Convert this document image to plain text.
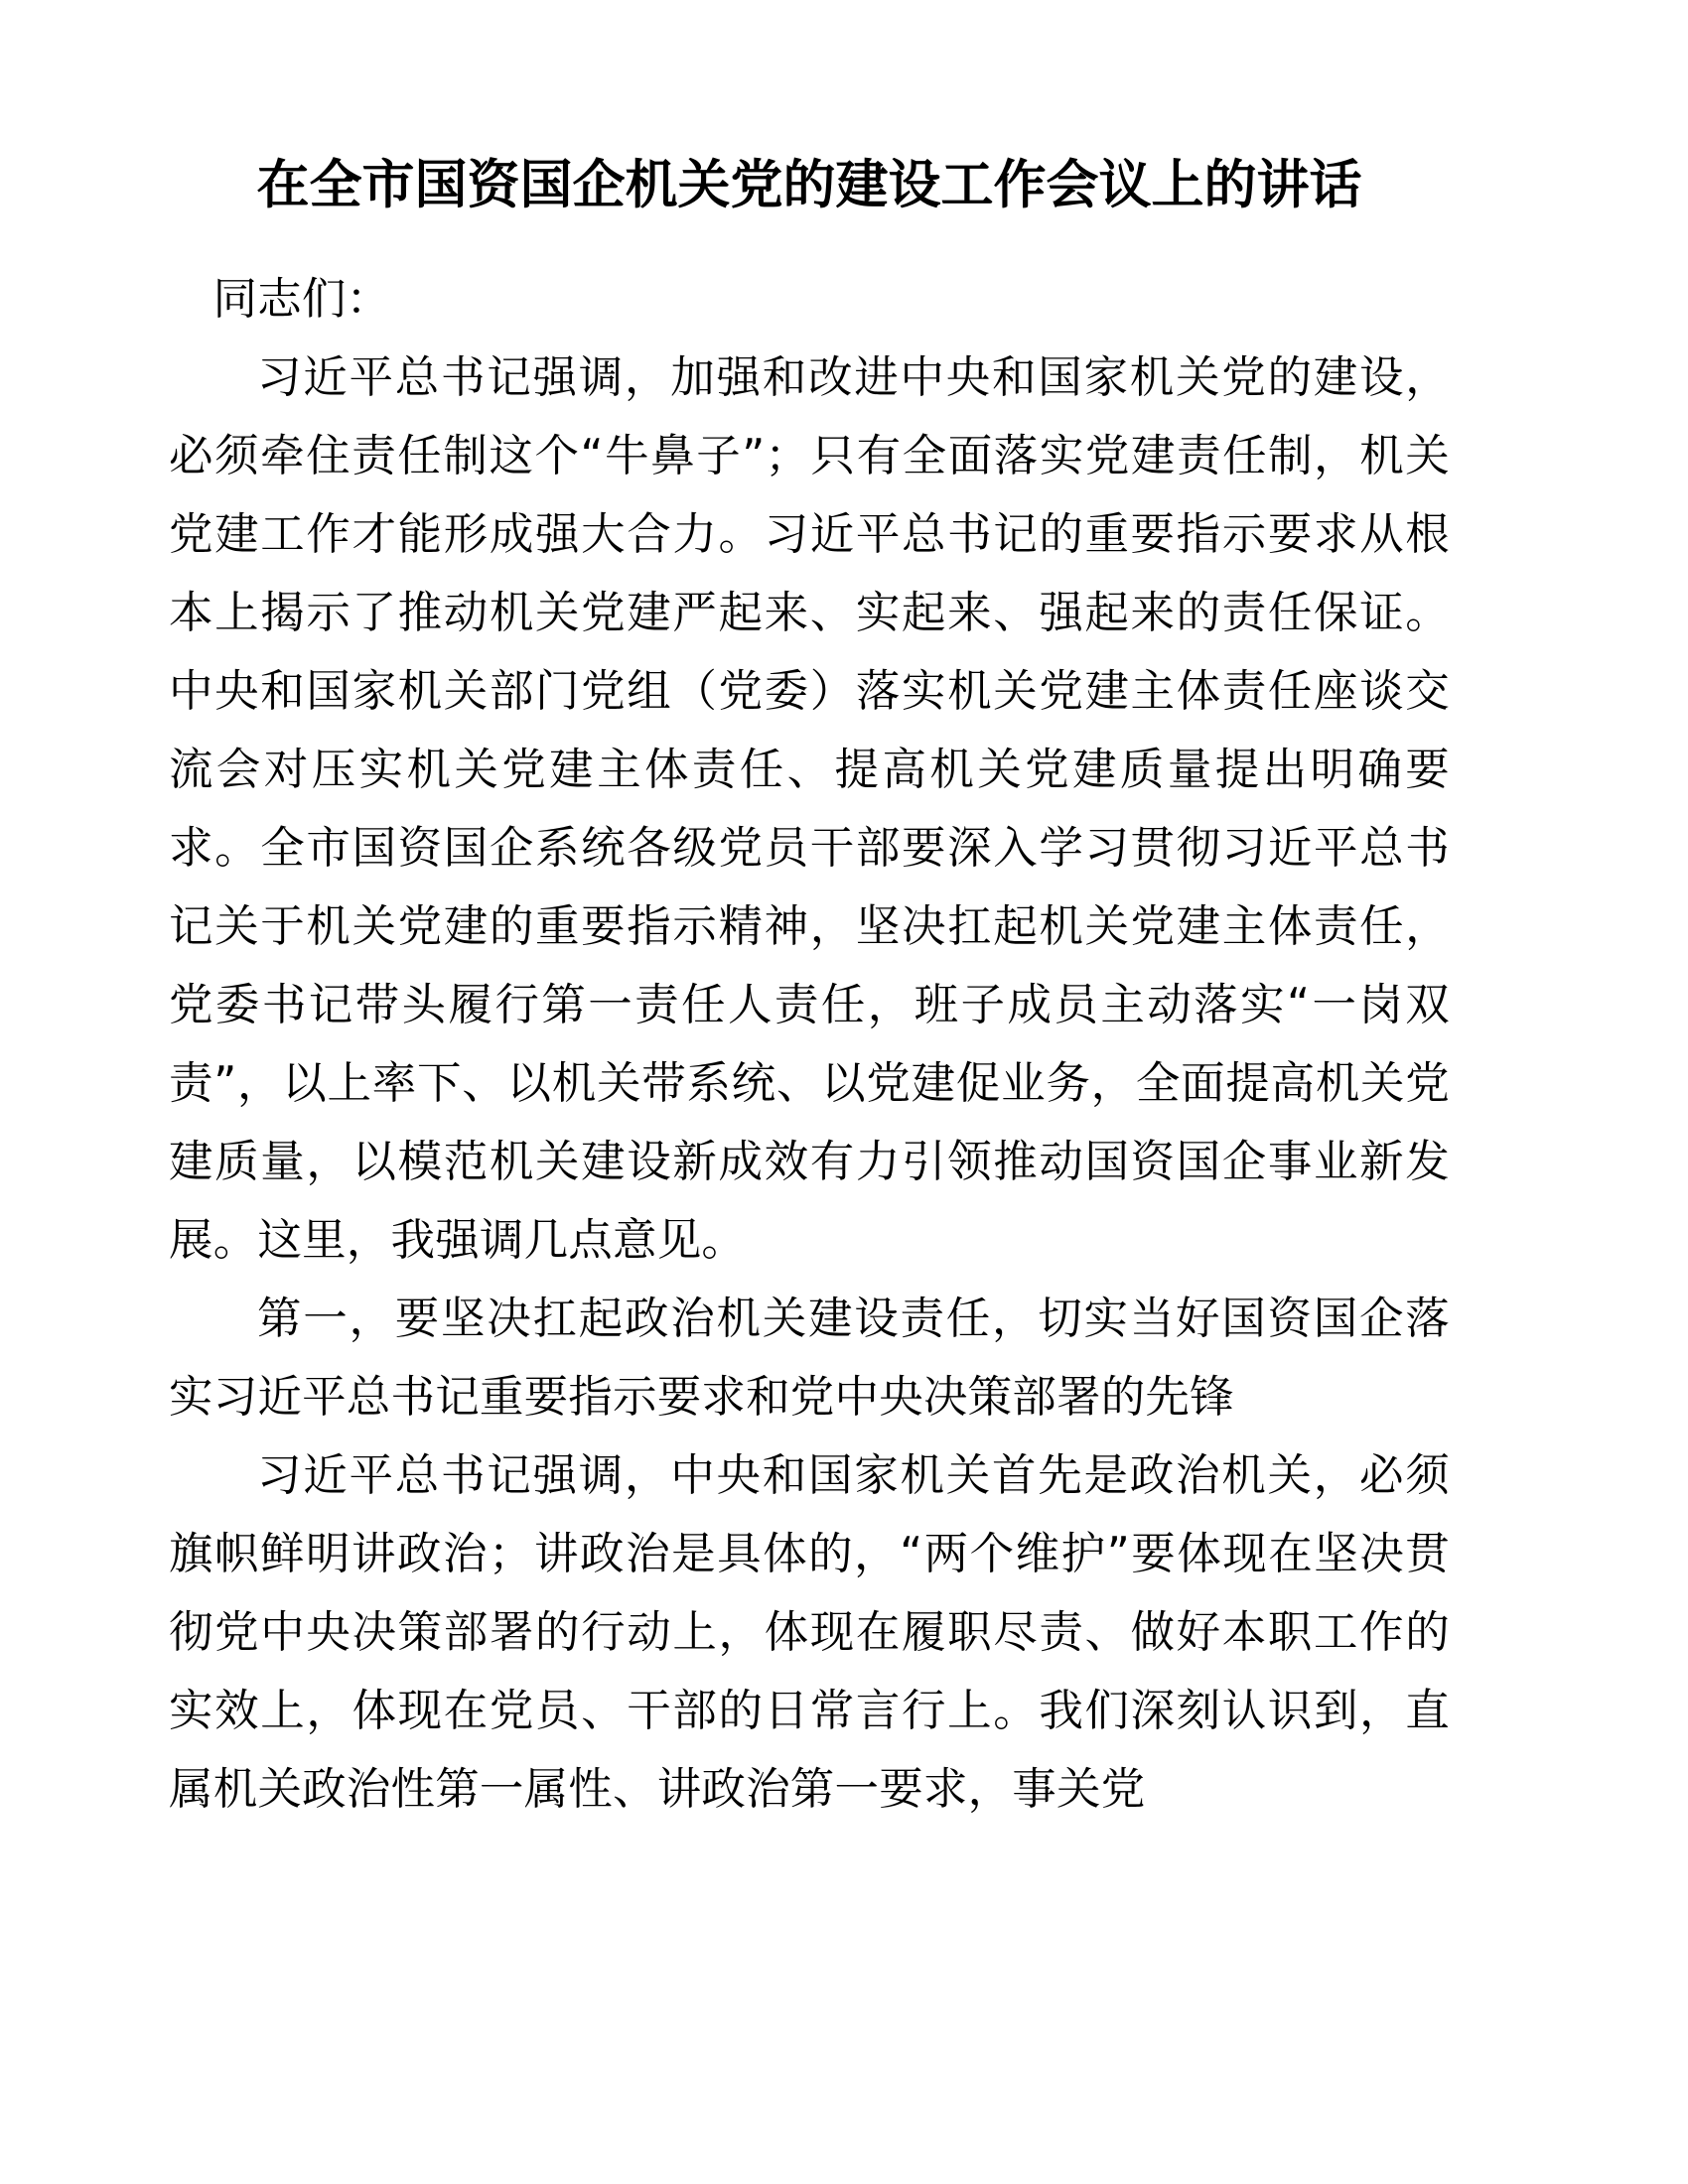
在全市国资国企机关党的建设工作会议上的讲话

同志们：

习近平总书记强调，加强和改进中央和国家机关党的建设，必须牵住责任制这个“牛鼻子”；只有全面落实党建责任制，机关党建工作才能形成强大合力。习近平总书记的重要指示要求从根本上揭示了推动机关党建严起来、实起来、强起来的责任保证。中央和国家机关部门党组（党委）落实机关党建主体责任座谈交流会对压实机关党建主体责任、提高机关党建质量提出明确要求。全市国资国企系统各级党员干部要深入学习贯彻习近平总书记关于机关党建的重要指示精神，坚决扛起机关党建主体责任，党委书记带头履行第一责任人责任，班子成员主动落实“一岗双责”，以上率下、以机关带系统、以党建促业务，全面提高机关党建质量，以模范机关建设新成效有力引领推动国资国企事业新发展。这里，我强调几点意见。

第一，要坚决扛起政治机关建设责任，切实当好国资国企落实习近平总书记重要指示要求和党中央决策部署的先锋

习近平总书记强调，中央和国家机关首先是政治机关，必须旗帜鲜明讲政治；讲政治是具体的，“两个维护”要体现在坚决贯彻党中央决策部署的行动上，体现在履职尽责、做好本职工作的实效上，体现在党员、干部的日常言行上。我们深刻认识到，直属机关政治性第一属性、讲政治第一要求，事关党
